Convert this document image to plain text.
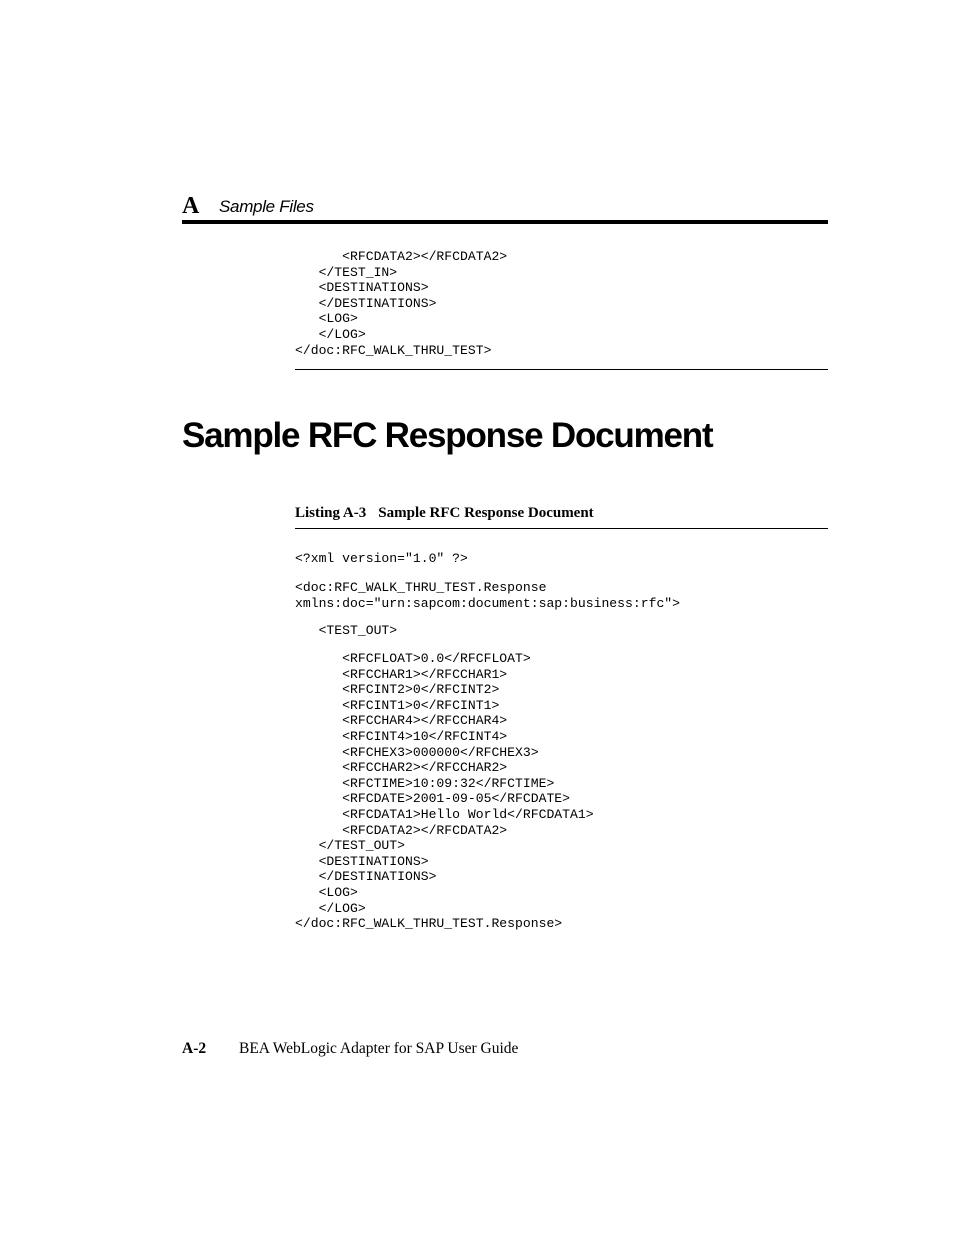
A Sample Files
<RFCDATA2></RFCDATA2>
</TEST_IN>
<DESTINATIONS>
</DESTINATIONS>
<LOG>
</LOG>
</doc:RFC_WALK_THRU_TEST>
Sample RFC Response Document
Listing A-3 Sample RFC Response Document
<?xml version="1.0" ?>
<doc:RFC_WALK_THRU_TEST.Response
xmlns:doc="urn:sapcom:document:sap:business:rfc">
<TEST_OUT>
<RFCFLOAT>0.0</RFCFLOAT>
<RFCCHAR1></RFCCHAR1>
<RFCINT2>0</RFCINT2>
<RFCINT1>0</RFCINT1>
<RFCCHAR4></RFCCHAR4>
<RFCINT4>10</RFCINT4>
<RFCHEX3>000000</RFCHEX3>
<RFCCHAR2></RFCCHAR2>
<RFCTIME>10:09:32</RFCTIME>
<RFCDATE>2001-09-05</RFCDATE>
<RFCDATA1>Hello World</RFCDATA1>
<RFCDATA2></RFCDATA2>
</TEST_OUT>
<DESTINATIONS>
</DESTINATIONS>
<LOG>
</LOG>
</doc:RFC_WALK_THRU_TEST.Response>
A-2 BEA WebLogic Adapter for SAP User Guide
